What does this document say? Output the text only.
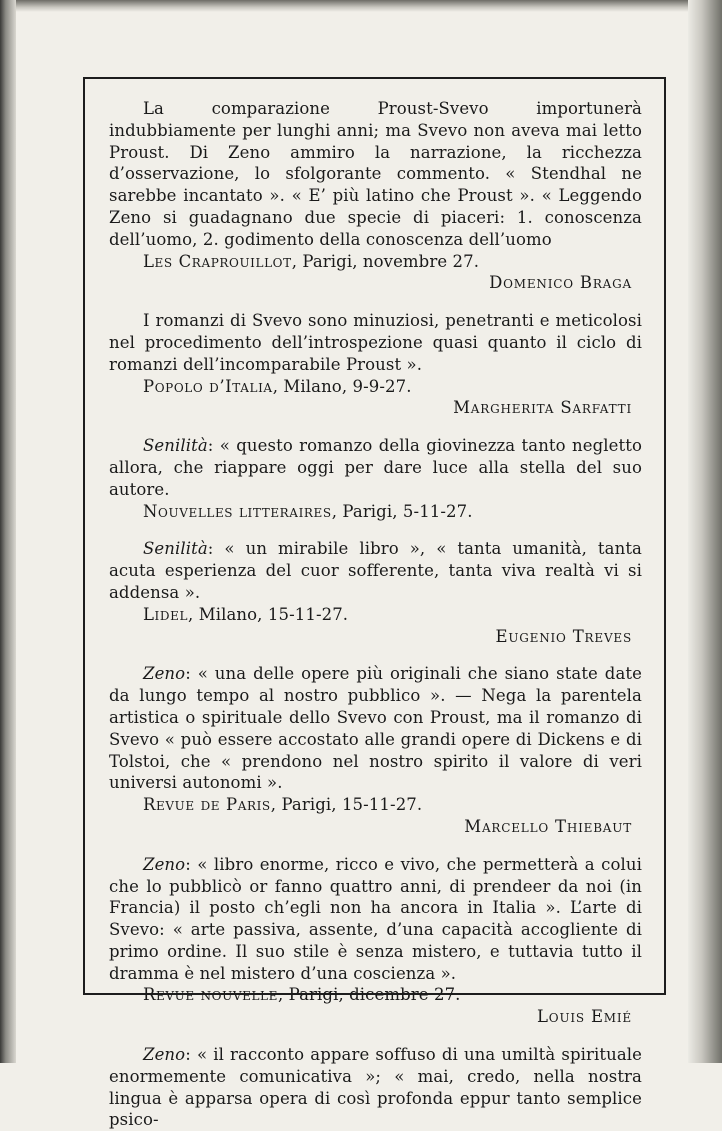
La comparazione Proust-Svevo importunerà indubbiamente per lunghi anni; ma Svevo non aveva mai letto Proust. Di Zeno ammiro la narrazione, la ricchezza d’osservazione, lo sfolgorante commento. « Stendhal ne sarebbe incantato ». « E’ più latino che Proust ». « Leggendo Zeno si guadagnano due specie di piaceri: 1. conoscenza dell’uomo, 2. godimento della conoscenza dell’uomo

Les Craprouillot, Parigi, novembre 27.

Domenico Braga

I romanzi di Svevo sono minuziosi, penetranti e meticolosi nel procedimento dell’introspezione quasi quanto il ciclo di romanzi dell’incomparabile Proust ».

Popolo d’Italia, Milano, 9-9-27.

Margherita Sarfatti

Senilità: « questo romanzo della giovinezza tanto negletto allora, che riappare oggi per dare luce alla stella del suo autore.

Nouvelles litteraires, Parigi, 5-11-27.

Senilità: « un mirabile libro », « tanta umanità, tanta acuta esperienza del cuor sofferente, tanta viva realtà vi si addensa ».

Lidel, Milano, 15-11-27.

Eugenio Treves

Zeno: « una delle opere più originali che siano state date da lungo tempo al nostro pubblico ». — Nega la parentela artistica o spirituale dello Svevo con Proust, ma il romanzo di Svevo « può essere accostato alle grandi opere di Dickens e di Tolstoi, che « prendono nel nostro spirito il valore di veri universi autonomi ».

Revue de Paris, Parigi, 15-11-27.

Marcello Thiebaut

Zeno: « libro enorme, ricco e vivo, che permetterà a colui che lo pubblicò or fanno quattro anni, di prendeer da noi (in Francia) il posto ch’egli non ha ancora in Italia ». L’arte di Svevo: « arte passiva, assente, d’una capacità accogliente di primo ordine. Il suo stile è senza mistero, e tuttavia tutto il dramma è nel mistero d’una coscienza ».

Revue nouvelle, Parigi, dicembre 27.

Louis Emié

Zeno: « il racconto appare soffuso di una umiltà spirituale enormemente comunicativa »; « mai, credo, nella nostra lingua è apparsa opera di così profonda eppur tanto semplice psico-
